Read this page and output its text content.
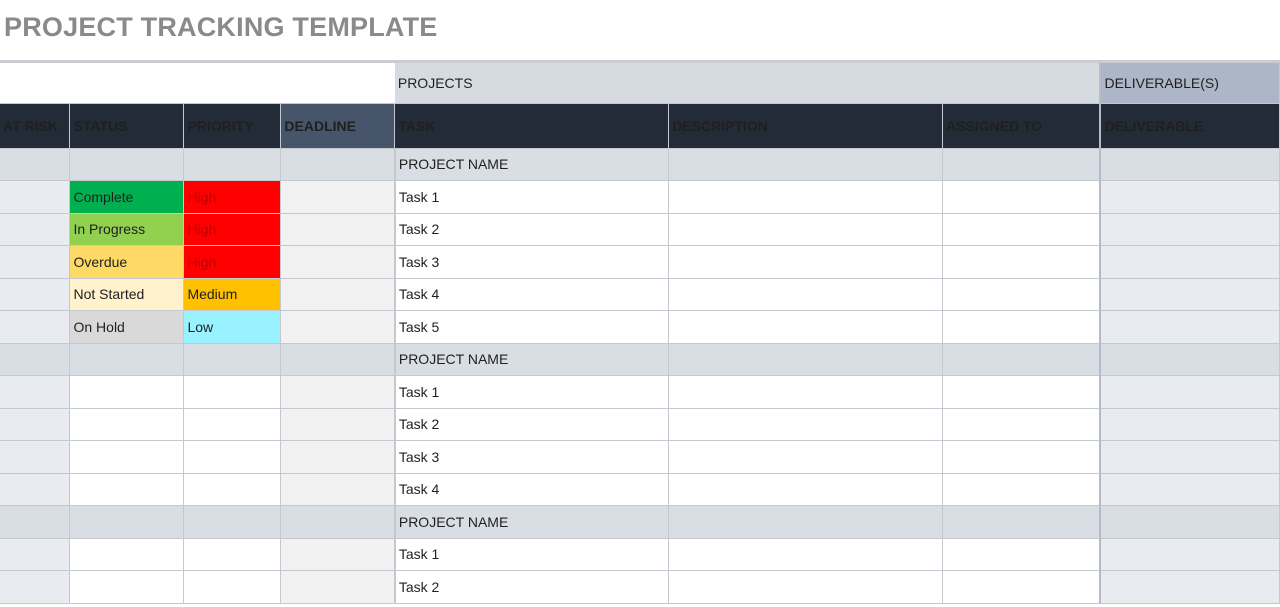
PROJECT TRACKING TEMPLATE
				PROJECTS			DELIVERABLE(S)
AT RISK	STATUS	PRIORITY	DEADLINE	TASK	DESCRIPTION	ASSIGNED TO	DELIVERABLE
				PROJECT NAME			
	Complete	High		Task 1			
	In Progress	High		Task 2			
	Overdue	High		Task 3			
	Not Started	Medium		Task 4			
	On Hold	Low		Task 5			
				PROJECT NAME			
				Task 1			
				Task 2			
				Task 3			
				Task 4			
				PROJECT NAME			
				Task 1			
				Task 2			
